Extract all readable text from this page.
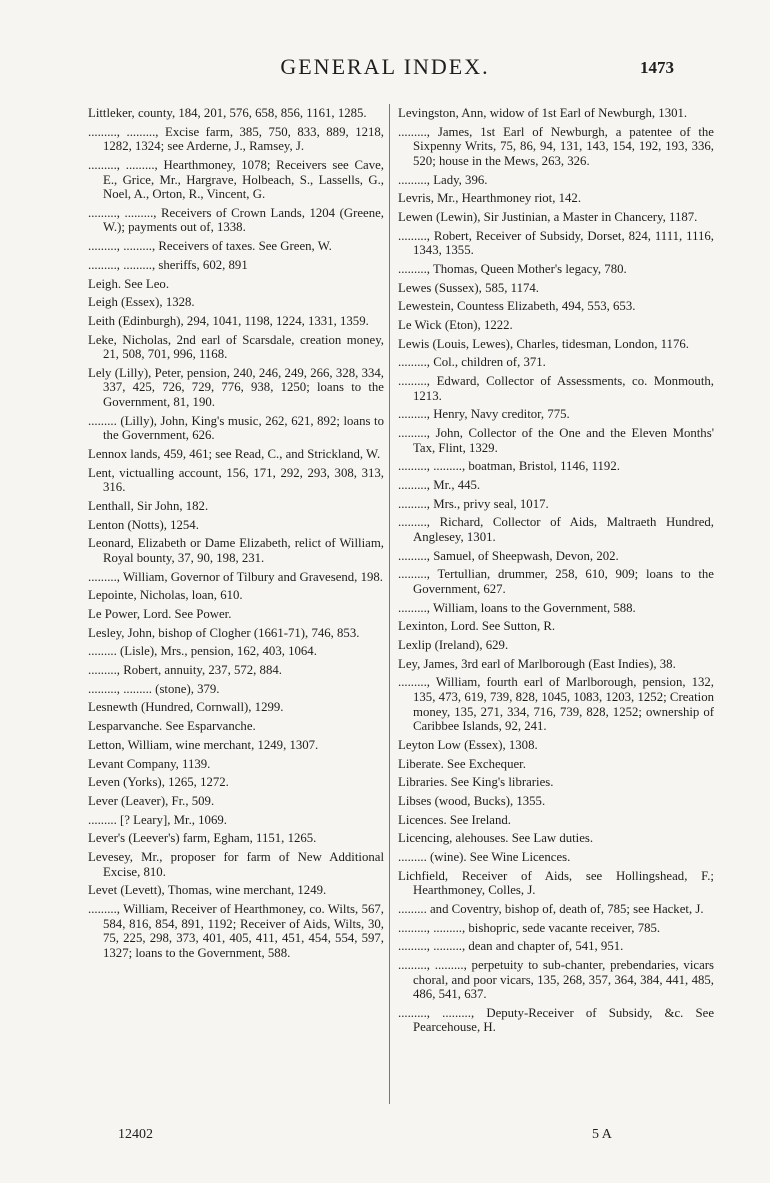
GENERAL INDEX.	1473
Littleker, county, 184, 201, 576, 658, 856, 1161, 1285.
........., ........., Excise farm, 385, 750, 833, 889, 1218, 1282, 1324; see Arderne, J., Ramsey, J.
........., ........., Hearthmoney, 1078; Receivers see Cave, E., Grice, Mr., Hargrave, Holbeach, S., Lassells, G., Noel, A., Orton, R., Vincent, G.
........., ........., Receivers of Crown Lands, 1204 (Greene, W.); payments out of, 1338.
........., ........., Receivers of taxes. See Green, W.
........., ........., sheriffs, 602, 891
Leigh. See Leo.
Leigh (Essex), 1328.
Leith (Edinburgh), 294, 1041, 1198, 1224, 1331, 1359.
Leke, Nicholas, 2nd earl of Scarsdale, creation money, 21, 508, 701, 996, 1168.
Lely (Lilly), Peter, pension, 240, 246, 249, 266, 328, 334, 337, 425, 726, 729, 776, 938, 1250; loans to the Government, 81, 190.
......... (Lilly), John, King's music, 262, 621, 892; loans to the Government, 626.
Lennox lands, 459, 461; see Read, C., and Strickland, W.
Lent, victualling account, 156, 171, 292, 293, 308, 313, 316.
Lenthall, Sir John, 182.
Lenton (Notts), 1254.
Leonard, Elizabeth or Dame Elizabeth, relict of William, Royal bounty, 37, 90, 198, 231.
........., William, Governor of Tilbury and Gravesend, 198.
Lepointe, Nicholas, loan, 610.
Le Power, Lord. See Power.
Lesley, John, bishop of Clogher (1661-71), 746, 853.
......... (Lisle), Mrs., pension, 162, 403, 1064.
........., Robert, annuity, 237, 572, 884.
........., ......... (stone), 379.
Lesnewth (Hundred, Cornwall), 1299.
Lesparvanche. See Esparvanche.
Letton, William, wine merchant, 1249, 1307.
Levant Company, 1139.
Leven (Yorks), 1265, 1272.
Lever (Leaver), Fr., 509.
......... [? Leary], Mr., 1069.
Lever's (Leever's) farm, Egham, 1151, 1265.
Levesey, Mr., proposer for farm of New Additional Excise, 810.
Levet (Levett), Thomas, wine merchant, 1249.
........., William, Receiver of Hearthmoney, co. Wilts, 567, 584, 816, 854, 891, 1192; Receiver of Aids, Wilts, 30, 75, 225, 298, 373, 401, 405, 411, 451, 454, 554, 597, 1327; loans to the Government, 588.
Levingston, Ann, widow of 1st Earl of Newburgh, 1301.
........., James, 1st Earl of Newburgh, a patentee of the Sixpenny Writs, 75, 86, 94, 131, 143, 154, 192, 193, 336, 520; house in the Mews, 263, 326.
........., Lady, 396.
Levris, Mr., Hearthmoney riot, 142.
Lewen (Lewin), Sir Justinian, a Master in Chancery, 1187.
........., Robert, Receiver of Subsidy, Dorset, 824, 1111, 1116, 1343, 1355.
........., Thomas, Queen Mother's legacy, 780.
Lewes (Sussex), 585, 1174.
Lewestein, Countess Elizabeth, 494, 553, 653.
Le Wick (Eton), 1222.
Lewis (Louis, Lewes), Charles, tidesman, London, 1176.
........., Col., children of, 371.
........., Edward, Collector of Assessments, co. Monmouth, 1213.
........., Henry, Navy creditor, 775.
........., John, Collector of the One and the Eleven Months' Tax, Flint, 1329.
........., ........., boatman, Bristol, 1146, 1192.
........., Mr., 445.
........., Mrs., privy seal, 1017.
........., Richard, Collector of Aids, Maltraeth Hundred, Anglesey, 1301.
........., Samuel, of Sheepwash, Devon, 202.
........., Tertullian, drummer, 258, 610, 909; loans to the Government, 627.
........., William, loans to the Government, 588.
Lexinton, Lord. See Sutton, R.
Lexlip (Ireland), 629.
Ley, James, 3rd earl of Marlborough (East Indies), 38.
........., William, fourth earl of Marlborough, pension, 132, 135, 473, 619, 739, 828, 1045, 1083, 1203, 1252; Creation money, 135, 271, 334, 716, 739, 828, 1252; ownership of Caribbee Islands, 92, 241.
Leyton Low (Essex), 1308.
Liberate. See Exchequer.
Libraries. See King's libraries.
Libses (wood, Bucks), 1355.
Licences. See Ireland.
Licencing, alehouses. See Law duties.
......... (wine). See Wine Licences.
Lichfield, Receiver of Aids, see Hollingshead, F.; Hearthmoney, Colles, J.
......... and Coventry, bishop of, death of, 785; see Hacket, J.
........., ........., bishopric, sede vacante receiver, 785.
........., ........., dean and chapter of, 541, 951.
........., ........., perpetuity to sub-chanter, prebendaries, vicars choral, and poor vicars, 135, 268, 357, 364, 384, 441, 485, 486, 541, 637.
........., ........., Deputy-Receiver of Subsidy, &c. See Pearcehouse, H.
12402	5 A
